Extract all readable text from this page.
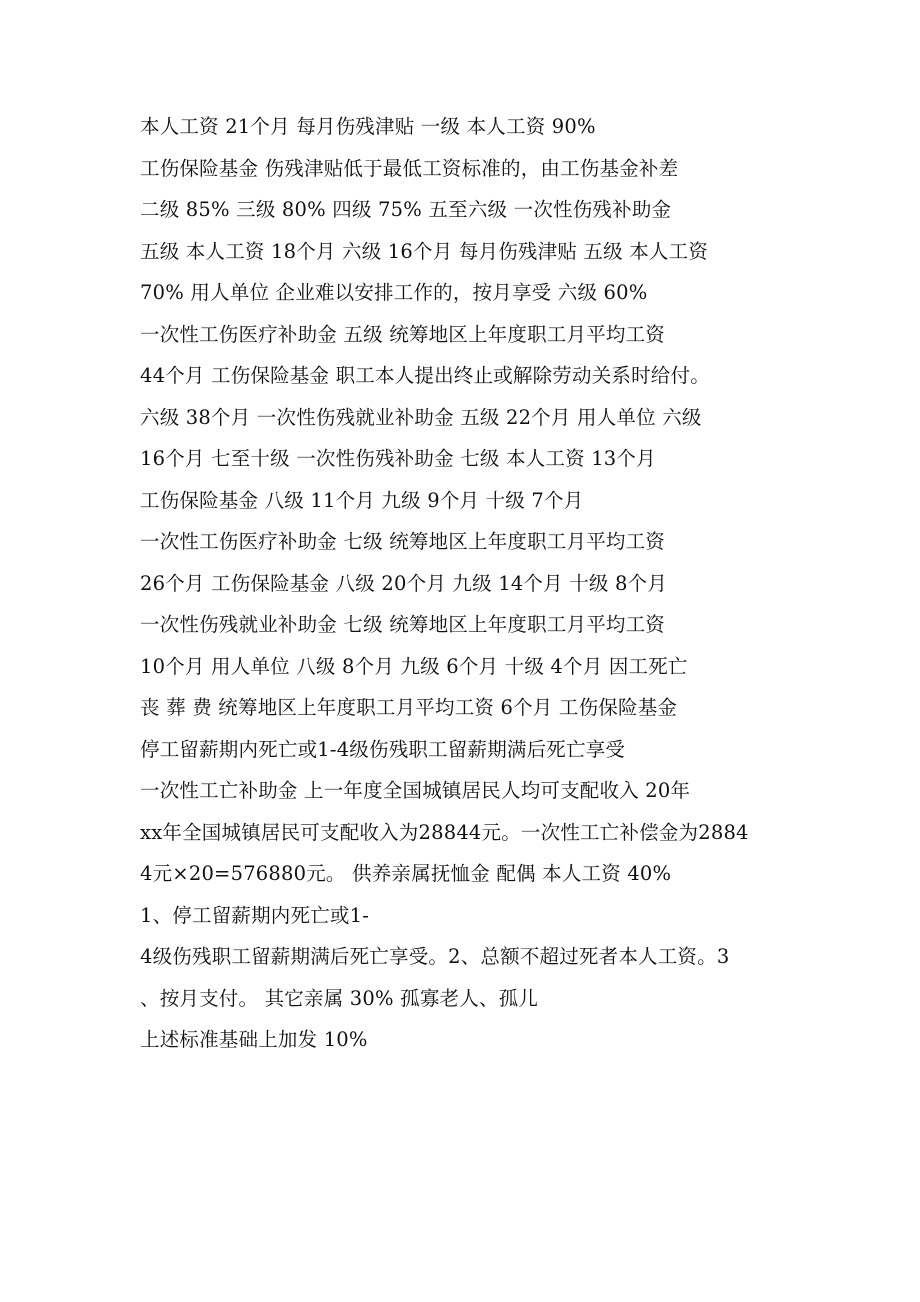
本人工资 21个月 每月伤残津贴 一级 本人工资 90%
工伤保险基金 伤残津贴低于最低工资标准的，由工伤基金补差
二级 85% 三级 80% 四级 75% 五至六级 一次性伤残补助金
五级 本人工资 18个月 六级 16个月 每月伤残津贴 五级 本人工资
70% 用人单位 企业难以安排工作的，按月享受 六级 60%
一次性工伤医疗补助金 五级 统筹地区上年度职工月平均工资
44个月 工伤保险基金 职工本人提出终止或解除劳动关系时给付。
六级 38个月 一次性伤残就业补助金 五级 22个月 用人单位 六级
16个月 七至十级 一次性伤残补助金 七级 本人工资 13个月
工伤保险基金 八级 11个月 九级 9个月 十级 7个月
一次性工伤医疗补助金 七级 统筹地区上年度职工月平均工资
26个月 工伤保险基金 八级 20个月 九级 14个月 十级 8个月
一次性伤残就业补助金 七级 统筹地区上年度职工月平均工资
10个月 用人单位 八级 8个月 九级 6个月 十级 4个月 因工死亡
丧 葬 费 统筹地区上年度职工月平均工资 6个月 工伤保险基金
停工留薪期内死亡或1-4级伤残职工留薪期满后死亡享受
一次性工亡补助金 上一年度全国城镇居民人均可支配收入 20年
xx年全国城镇居民可支配收入为28844元。一次性工亡补偿金为2884
4元×20=576880元。 供养亲属抚恤金 配偶 本人工资 40%
1、停工留薪期内死亡或1-
4级伤残职工留薪期满后死亡享受。2、总额不超过死者本人工资。3
、按月支付。 其它亲属 30% 孤寡老人、孤儿
上述标准基础上加发 10%
